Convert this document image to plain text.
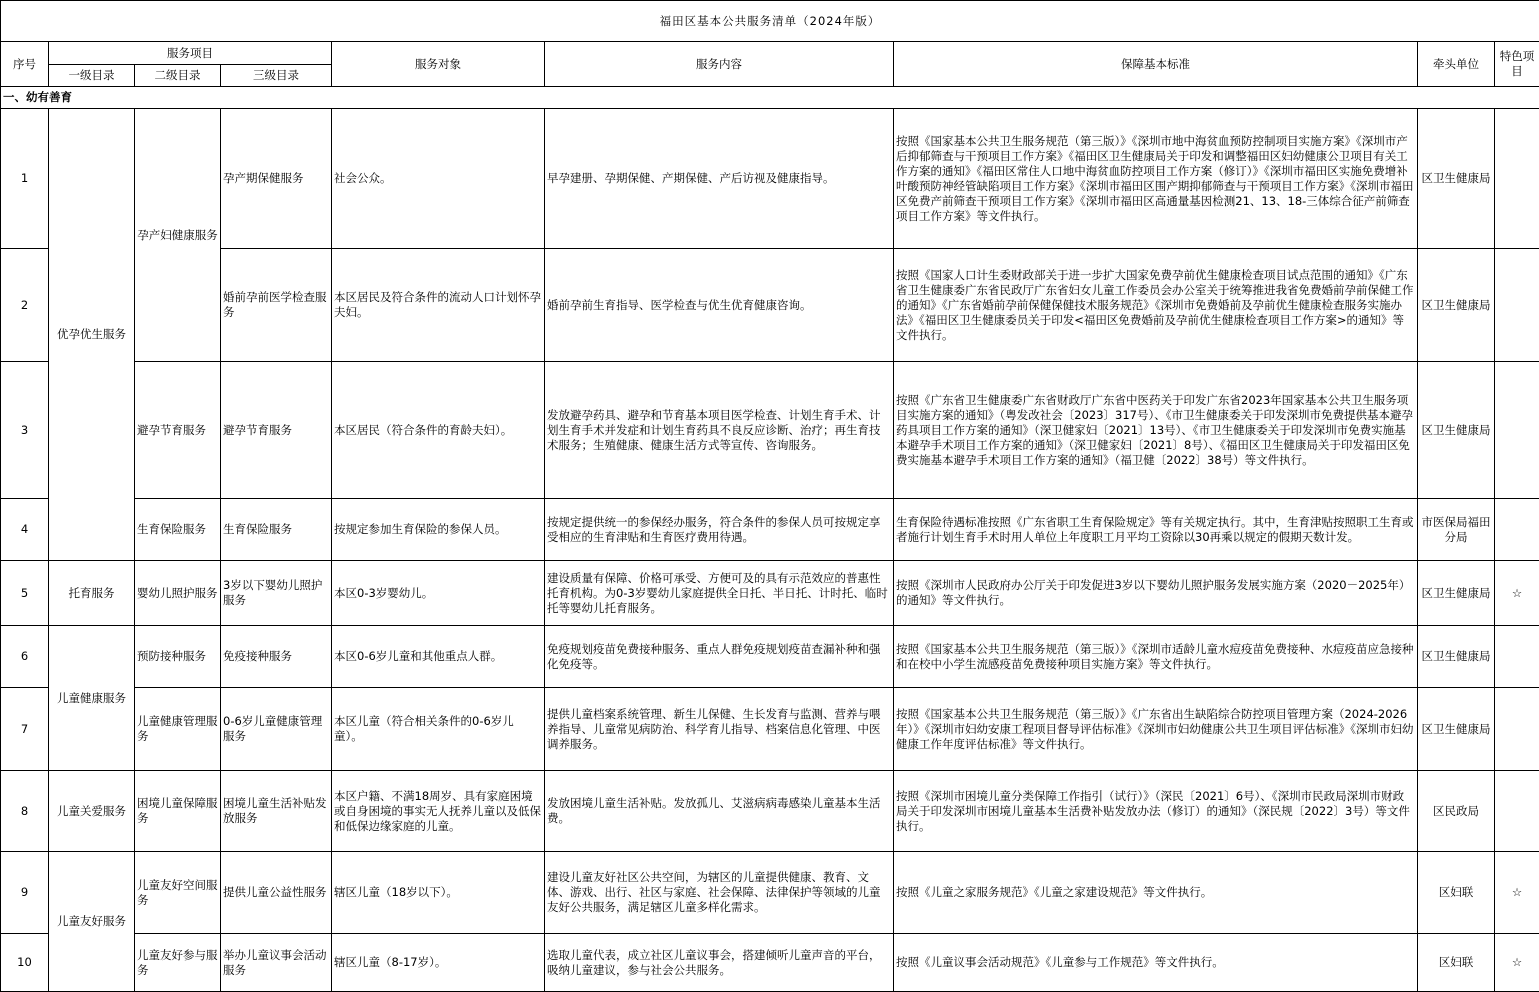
福田区基本公共服务清单（2024年版）								
序号	服务项目			服务对象	服务内容	保障基本标准	牵头单位	特色项目
	一级目录	二级目录	三级目录					
一、幼有善育								
1	优孕优生服务	孕产妇健康服务	孕产期保健服务	社会公众。	早孕建册、孕期保健、产期保健、产后访视及健康指导。	按照《国家基本公共卫生服务规范（第三版）》《深圳市地中海贫血预防控制项目实施方案》《深圳市产后抑郁筛查与干预项目工作方案》《福田区卫生健康局关于印发和调整福田区妇幼健康公卫项目有关工作方案的通知》《福田区常住人口地中海贫血防控项目工作方案（修订）》《深圳市福田区实施免费增补叶酸预防神经管缺陷项目工作方案》《深圳市福田区围产期抑郁筛查与干预项目工作方案》《深圳市福田区免费产前筛查干预项目工作方案》《深圳市福田区高通量基因检测21、13、18-三体综合征产前筛查项目工作方案》等文件执行。	区卫生健康局	
2			婚前孕前医学检查服务	本区居民及符合条件的流动人口计划怀孕夫妇。	婚前孕前生育指导、医学检查与优生优育健康咨询。	按照《国家人口计生委财政部关于进一步扩大国家免费孕前优生健康检查项目试点范围的通知》《广东省卫生健康委广东省民政厅广东省妇女儿童工作委员会办公室关于统筹推进我省免费婚前孕前保健工作的通知》《广东省婚前孕前保健保健技术服务规范》《深圳市免费婚前及孕前优生健康检查服务实施办法》《福田区卫生健康委员关于印发<福田区免费婚前及孕前优生健康检查项目工作方案>的通知》等文件执行。	区卫生健康局	
3		避孕节育服务	避孕节育服务	本区居民（符合条件的育龄夫妇）。	发放避孕药具、避孕和节育基本项目医学检查、计划生育手术、计划生育手术并发症和计划生育药具不良反应诊断、治疗；再生育技术服务；生殖健康、健康生活方式等宣传、咨询服务。	按照《广东省卫生健康委广东省财政厅广东省中医药关于印发广东省2023年国家基本公共卫生服务项目实施方案的通知》（粤发改社会〔2023〕317号）、《市卫生健康委关于印发深圳市免费提供基本避孕药具项目工作方案的通知》（深卫健家妇〔2021〕13号）、《市卫生健康委关于印发深圳市免费实施基本避孕手术项目工作方案的通知》（深卫健家妇〔2021〕8号）、《福田区卫生健康局关于印发福田区免费实施基本避孕手术项目工作方案的通知》（福卫健〔2022〕38号）等文件执行。	区卫生健康局	
4		生育保险服务	生育保险服务	按规定参加生育保险的参保人员。	按规定提供统一的参保经办服务，符合条件的参保人员可按规定享受相应的生育津贴和生育医疗费用待遇。	生育保险待遇标准按照《广东省职工生育保险规定》等有关规定执行。其中，生育津贴按照职工生育或者施行计划生育手术时用人单位上年度职工月平均工资除以30再乘以规定的假期天数计发。	市医保局福田分局	
5	托育服务	婴幼儿照护服务	3岁以下婴幼儿照护服务	本区0-3岁婴幼儿。	建设质量有保障、价格可承受、方便可及的具有示范效应的普惠性托育机构。为0-3岁婴幼儿家庭提供全日托、半日托、计时托、临时托等婴幼儿托育服务。	按照《深圳市人民政府办公厅关于印发促进3岁以下婴幼儿照护服务发展实施方案（2020－2025年）的通知》等文件执行。	区卫生健康局	☆
6	儿童健康服务	预防接种服务	免疫接种服务	本区0-6岁儿童和其他重点人群。	免疫规划疫苗免费接种服务、重点人群免疫规划疫苗查漏补种和强化免疫等。	按照《国家基本公共卫生服务规范（第三版）》《深圳市适龄儿童水痘疫苗免费接种、水痘疫苗应急接种和在校中小学生流感疫苗免费接种项目实施方案》等文件执行。	区卫生健康局	
7		儿童健康管理服务	0-6岁儿童健康管理服务	本区儿童（符合相关条件的0-6岁儿童）。	提供儿童档案系统管理、新生儿保健、生长发育与监测、营养与喂养指导、儿童常见病防治、科学育儿指导、档案信息化管理、中医调养服务。	按照《国家基本公共卫生服务规范（第三版）》《广东省出生缺陷综合防控项目管理方案（2024-2026年）》《深圳市妇幼安康工程项目督导评估标准》《深圳市妇幼健康公共卫生项目评估标准》《深圳市妇幼健康工作年度评估标准》等文件执行。	区卫生健康局	
8	儿童关爱服务	困境儿童保障服务	困境儿童生活补贴发放服务	本区户籍、不满18周岁、具有家庭困境或自身困境的事实无人抚养儿童以及低保和低保边缘家庭的儿童。	发放困境儿童生活补贴。发放孤儿、艾滋病病毒感染儿童基本生活费。	按照《深圳市困境儿童分类保障工作指引（试行）》（深民〔2021〕6号）、《深圳市民政局深圳市财政局关于印发深圳市困境儿童基本生活费补贴发放办法（修订）的通知》（深民规〔2022〕3号）等文件执行。	区民政局	
9	儿童友好服务	儿童友好空间服务	提供儿童公益性服务	辖区儿童（18岁以下）。	建设儿童友好社区公共空间，为辖区的儿童提供健康、教育、文体、游戏、出行、社区与家庭、社会保障、法律保护等领域的儿童友好公共服务，满足辖区儿童多样化需求。	按照《儿童之家服务规范》《儿童之家建设规范》等文件执行。	区妇联	☆
10		儿童友好参与服务	举办儿童议事会活动服务	辖区儿童（8-17岁）。	选取儿童代表，成立社区儿童议事会，搭建倾听儿童声音的平台，吸纳儿童建议，参与社会公共服务。	按照《儿童议事会活动规范》《儿童参与工作规范》等文件执行。	区妇联	☆
